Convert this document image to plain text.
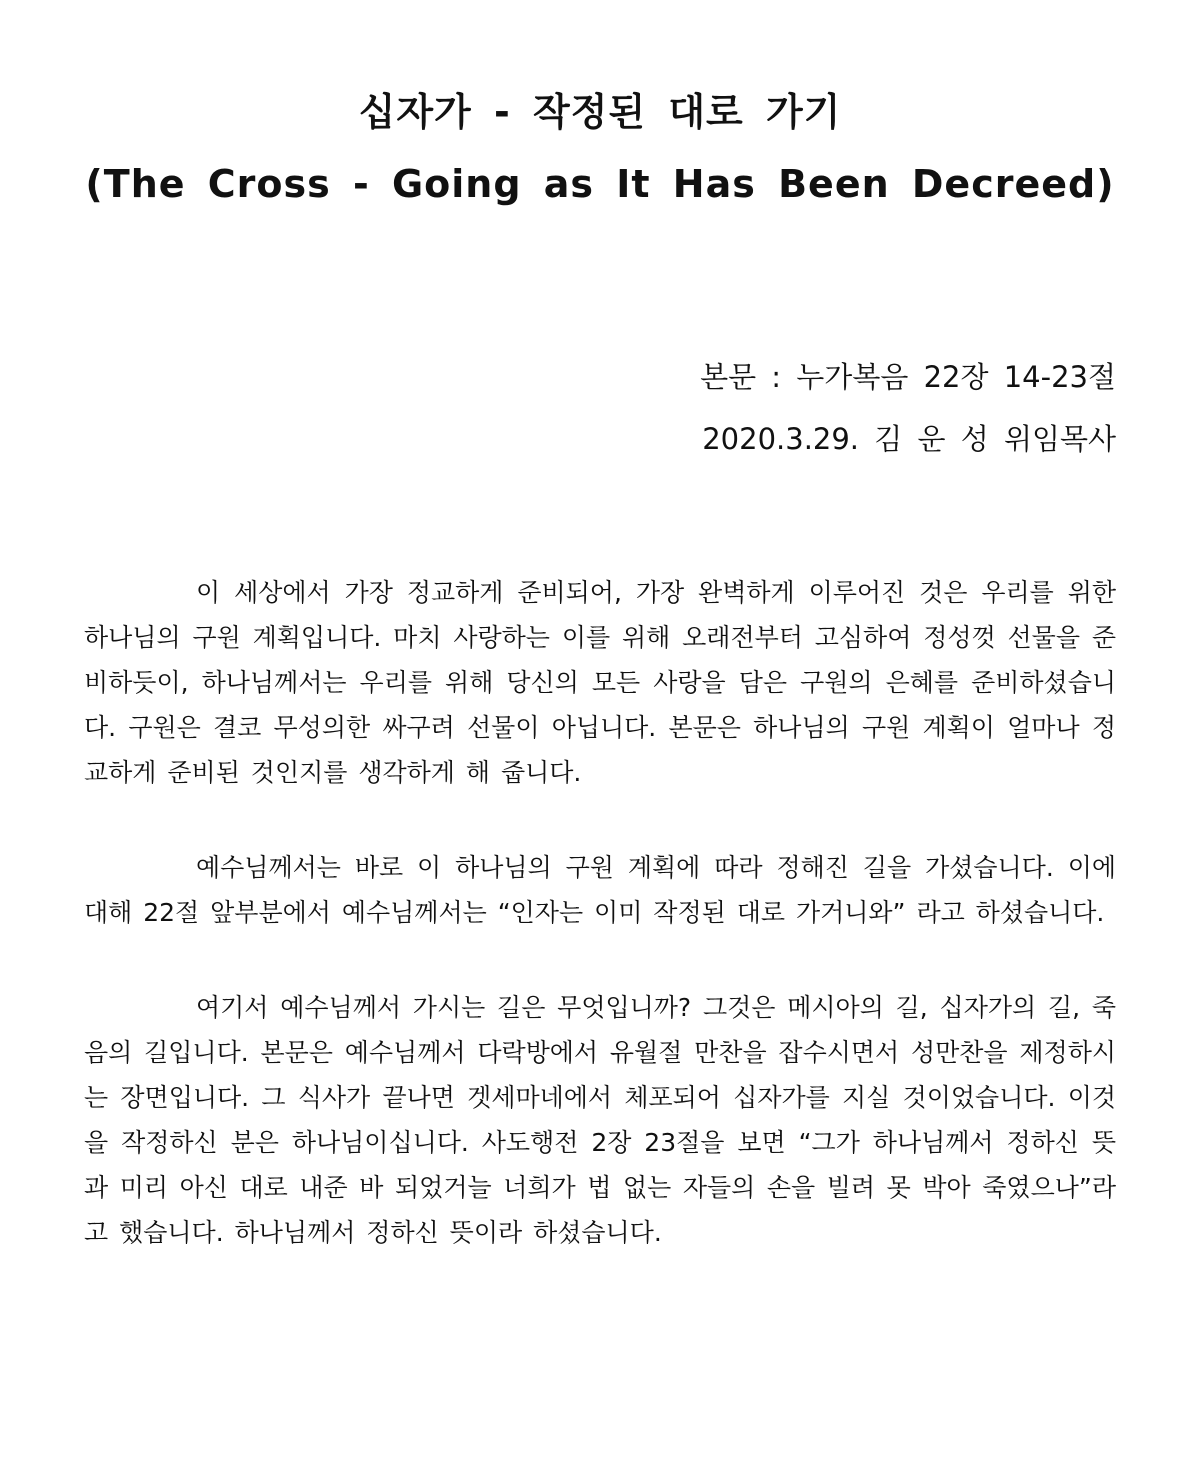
십자가 - 작정된 대로 가기
(The Cross - Going as It Has Been Decreed)
본문 : 누가복음 22장 14-23절
2020.3.29. 김 운 성 위임목사

이 세상에서 가장 정교하게 준비되어, 가장 완벽하게 이루어진 것은 우리를 위한 하나님의 구원 계획입니다. 마치 사랑하는 이를 위해 오래전부터 고심하여 정성껏 선물을 준비하듯이, 하나님께서는 우리를 위해 당신의 모든 사랑을 담은 구원의 은혜를 준비하셨습니다. 구원은 결코 무성의한 싸구려 선물이 아닙니다. 본문은 하나님의 구원 계획이 얼마나 정교하게 준비된 것인지를 생각하게 해 줍니다.

예수님께서는 바로 이 하나님의 구원 계획에 따라 정해진 길을 가셨습니다. 이에 대해 22절 앞부분에서 예수님께서는 “인자는 이미 작정된 대로 가거니와” 라고 하셨습니다.

여기서 예수님께서 가시는 길은 무엇입니까? 그것은 메시아의 길, 십자가의 길, 죽음의 길입니다. 본문은 예수님께서 다락방에서 유월절 만찬을 잡수시면서 성만찬을 제정하시는 장면입니다. 그 식사가 끝나면 겟세마네에서 체포되어 십자가를 지실 것이었습니다. 이것을 작정하신 분은 하나님이십니다. 사도행전 2장 23절을 보면 “그가 하나님께서 정하신 뜻과 미리 아신 대로 내준 바 되었거늘 너희가 법 없는 자들의 손을 빌려 못 박아 죽였으나”라고 했습니다. 하나님께서 정하신 뜻이라 하셨습니다.
